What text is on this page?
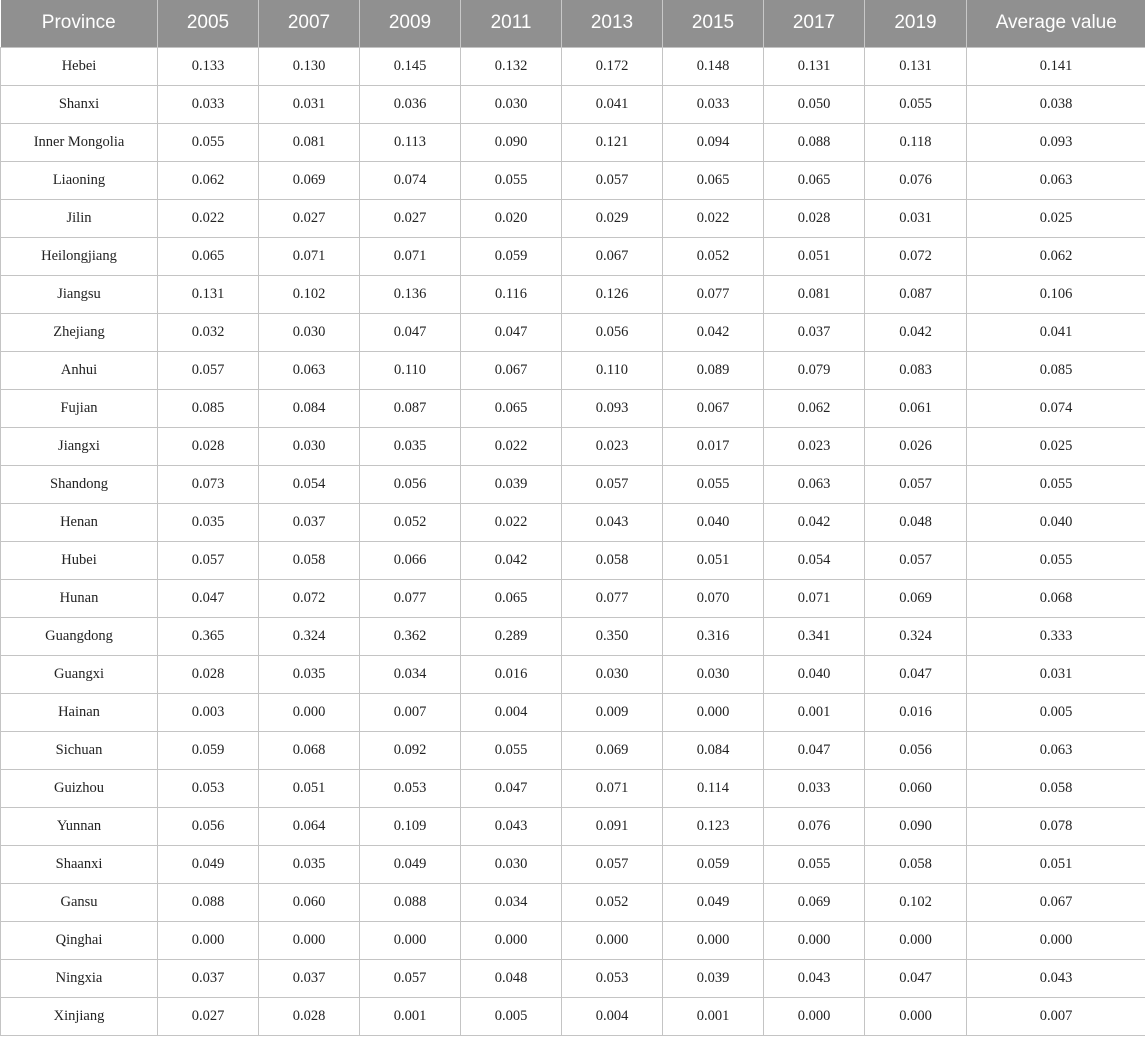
Province	2005	2007	2009	2011	2013	2015	2017	2019	Average value
Hebei	0.133	0.130	0.145	0.132	0.172	0.148	0.131	0.131	0.141
Shanxi	0.033	0.031	0.036	0.030	0.041	0.033	0.050	0.055	0.038
Inner Mongolia	0.055	0.081	0.113	0.090	0.121	0.094	0.088	0.118	0.093
Liaoning	0.062	0.069	0.074	0.055	0.057	0.065	0.065	0.076	0.063
Jilin	0.022	0.027	0.027	0.020	0.029	0.022	0.028	0.031	0.025
Heilongjiang	0.065	0.071	0.071	0.059	0.067	0.052	0.051	0.072	0.062
Jiangsu	0.131	0.102	0.136	0.116	0.126	0.077	0.081	0.087	0.106
Zhejiang	0.032	0.030	0.047	0.047	0.056	0.042	0.037	0.042	0.041
Anhui	0.057	0.063	0.110	0.067	0.110	0.089	0.079	0.083	0.085
Fujian	0.085	0.084	0.087	0.065	0.093	0.067	0.062	0.061	0.074
Jiangxi	0.028	0.030	0.035	0.022	0.023	0.017	0.023	0.026	0.025
Shandong	0.073	0.054	0.056	0.039	0.057	0.055	0.063	0.057	0.055
Henan	0.035	0.037	0.052	0.022	0.043	0.040	0.042	0.048	0.040
Hubei	0.057	0.058	0.066	0.042	0.058	0.051	0.054	0.057	0.055
Hunan	0.047	0.072	0.077	0.065	0.077	0.070	0.071	0.069	0.068
Guangdong	0.365	0.324	0.362	0.289	0.350	0.316	0.341	0.324	0.333
Guangxi	0.028	0.035	0.034	0.016	0.030	0.030	0.040	0.047	0.031
Hainan	0.003	0.000	0.007	0.004	0.009	0.000	0.001	0.016	0.005
Sichuan	0.059	0.068	0.092	0.055	0.069	0.084	0.047	0.056	0.063
Guizhou	0.053	0.051	0.053	0.047	0.071	0.114	0.033	0.060	0.058
Yunnan	0.056	0.064	0.109	0.043	0.091	0.123	0.076	0.090	0.078
Shaanxi	0.049	0.035	0.049	0.030	0.057	0.059	0.055	0.058	0.051
Gansu	0.088	0.060	0.088	0.034	0.052	0.049	0.069	0.102	0.067
Qinghai	0.000	0.000	0.000	0.000	0.000	0.000	0.000	0.000	0.000
Ningxia	0.037	0.037	0.057	0.048	0.053	0.039	0.043	0.047	0.043
Xinjiang	0.027	0.028	0.001	0.005	0.004	0.001	0.000	0.000	0.007
